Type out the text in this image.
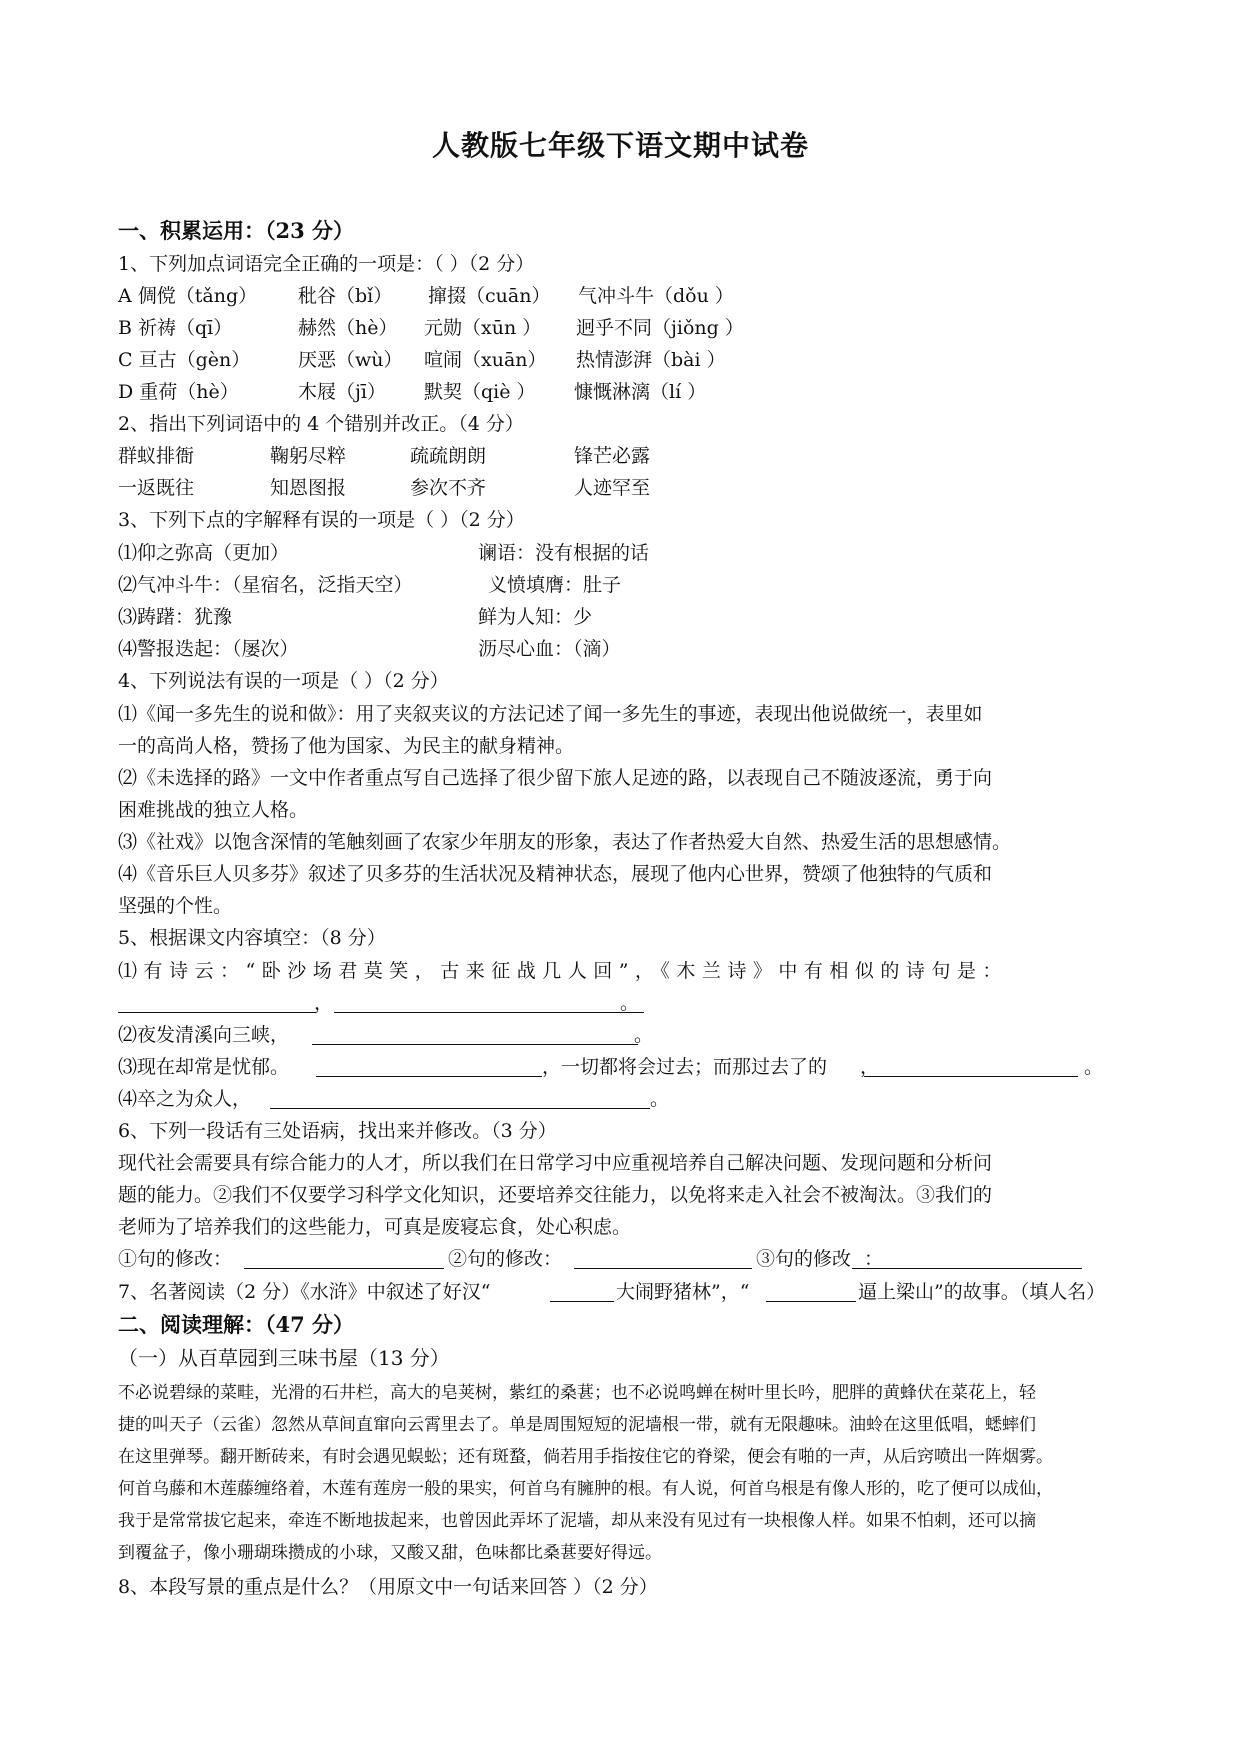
人教版七年级下语文期中试卷
一、积累运用：（23 分）
1、下列加点词语完全正确的一项是：（ ）（2 分）
A 倜傥（tǎng） 秕谷（bǐ） 撺掇（cuān） 气冲斗牛（dǒu ）
B 祈祷（qī）	赫然（hè） 元勋（xūn ） 迥乎不同（jiǒng ）
C 亘古（gèn）	厌恶（wù） 喧闹（xuān） 热情澎湃（bài ）
D 重荷（hè）	木屐（jī） 默契（qiè ） 慷慨淋漓（lí ）
2、指出下列词语中的 4 个错别并改正。（4 分）
群蚁排衙	鞠躬尽粹	疏疏朗朗	锋芒必露
一返既往	知恩图报	参次不齐	人迹罕至
3、下列下点的字解释有误的一项是（ ）（2 分）
⑴仰之弥高（更加）	谰语：没有根据的话
⑵气冲斗牛：（星宿名，泛指天空）	义愤填膺：肚子
⑶踌躇：犹豫	鲜为人知：少
⑷警报迭起：（屡次）	沥尽心血：（滴）
4、下列说法有误的一项是（ ）（2 分）
⑴《闻一多先生的说和做》：用了夹叙夹议的方法记述了闻一多先生的事迹，表现出他说做统一，表里如
一的高尚人格，赞扬了他为国家、为民主的献身精神。
⑵《未选择的路》一文中作者重点写自己选择了很少留下旅人足迹的路，以表现自己不随波逐流，勇于向
困难挑战的独立人格。
⑶《社戏》以饱含深情的笔触刻画了农家少年朋友的形象，表达了作者热爱大自然、热爱生活的思想感情。
⑷《音乐巨人贝多芬》叙述了贝多芬的生活状况及精神状态，展现了他内心世界，赞颂了他独特的气质和
坚强的个性。
5、根据课文内容填空：（8 分）
⑴有诗云：“卧沙场君莫笑，古来征战几人回”，《木兰诗》中有相似的诗句是：
，	。
⑵夜发清溪向三峡，	。
⑶现在却常是忧郁。	，一切都将会过去；而那过去了的 ，	。
⑷卒之为众人，	。
6、下列一段话有三处语病，找出来并修改。（3 分）
现代社会需要具有综合能力的人才，所以我们在日常学习中应重视培养自己解决问题、发现问题和分析问
题的能力。②我们不仅要学习科学文化知识，还要培养交往能力，以免将来走入社会不被淘汰。③我们的
老师为了培养我们的这些能力，可真是废寝忘食，处心积虑。
①句的修改：	②句的修改：	③句的修改 ：
7、名著阅读（2 分）《水浒》中叙述了好汉“	大闹野猪林”，“	逼上梁山”的故事。（填人名）
二、阅读理解：（47 分）
（一）从百草园到三味书屋（13 分）
不必说碧绿的菜畦，光滑的石井栏，高大的皂荚树，紫红的桑葚；也不必说鸣蝉在树叶里长吟，肥胖的黄蜂伏在菜花上，轻
捷的叫天子（云雀）忽然从草间直窜向云霄里去了。单是周围短短的泥墙根一带，就有无限趣味。油蛉在这里低唱，蟋蟀们
在这里弹琴。翻开断砖来，有时会遇见蜈蚣；还有斑蝥，倘若用手指按住它的脊梁，便会有啪的一声，从后窍喷出一阵烟雾。
何首乌藤和木莲藤缠络着，木莲有莲房一般的果实，何首乌有臃肿的根。有人说，何首乌根是有像人形的，吃了便可以成仙，
我于是常常拔它起来，牵连不断地拔起来，也曾因此弄坏了泥墙，却从来没有见过有一块根像人样。如果不怕刺，还可以摘
到覆盆子，像小珊瑚珠攒成的小球，又酸又甜，色味都比桑葚要好得远。
8、本段写景的重点是什么？（用原文中一句话来回答 ）（2 分）
